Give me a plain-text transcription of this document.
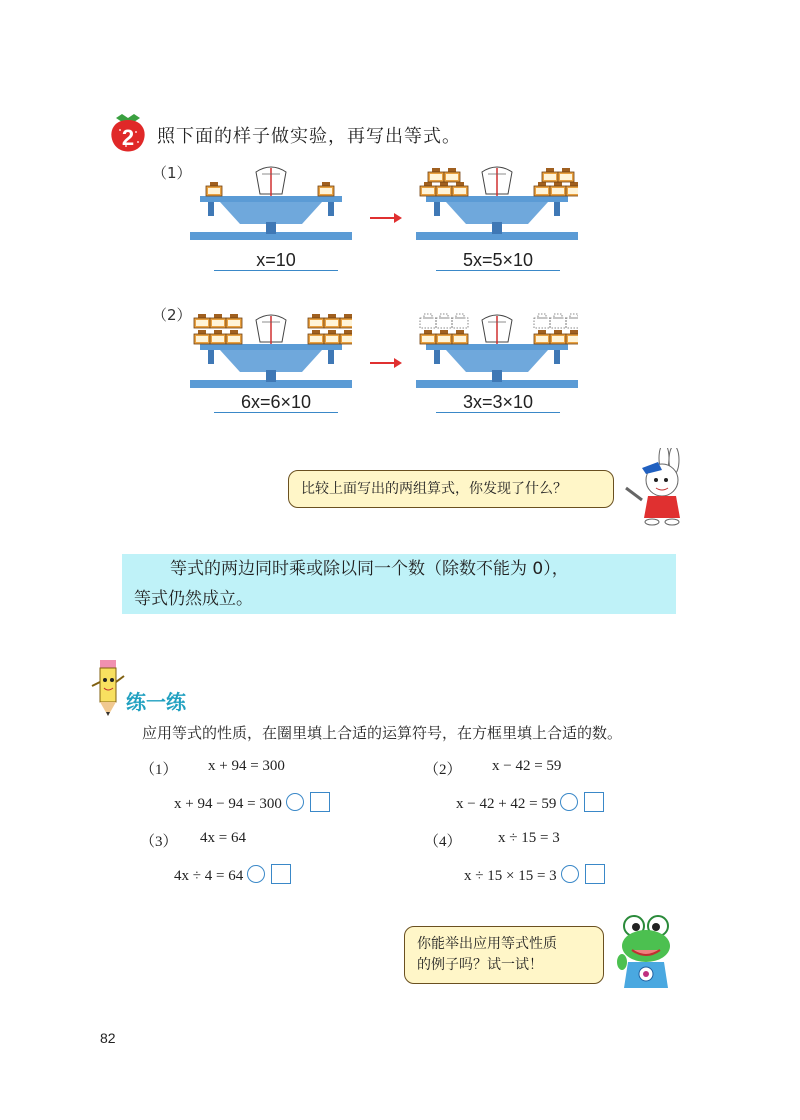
2 照下面的样子做实验，再写出等式。
（1）
x=10	5x=5×10
（2）
6x=6×10	3x=3×10
比较上面写出的两组算式，你发现了什么？
等式的两边同时乘或除以同一个数（除数不能为 0），
等式仍然成立。
练一练
应用等式的性质，在圈里填上合适的运算符号，在方框里填上合适的数。
（1） x + 94 = 300
x + 94 − 94 = 300
（2） x − 42 = 59
x − 42 + 42 = 59
（3） 4x = 64
4x ÷ 4 = 64
（4） x ÷ 15 = 3
x ÷ 15 × 15 = 3
你能举出应用等式性质
的例子吗？试一试！
82
